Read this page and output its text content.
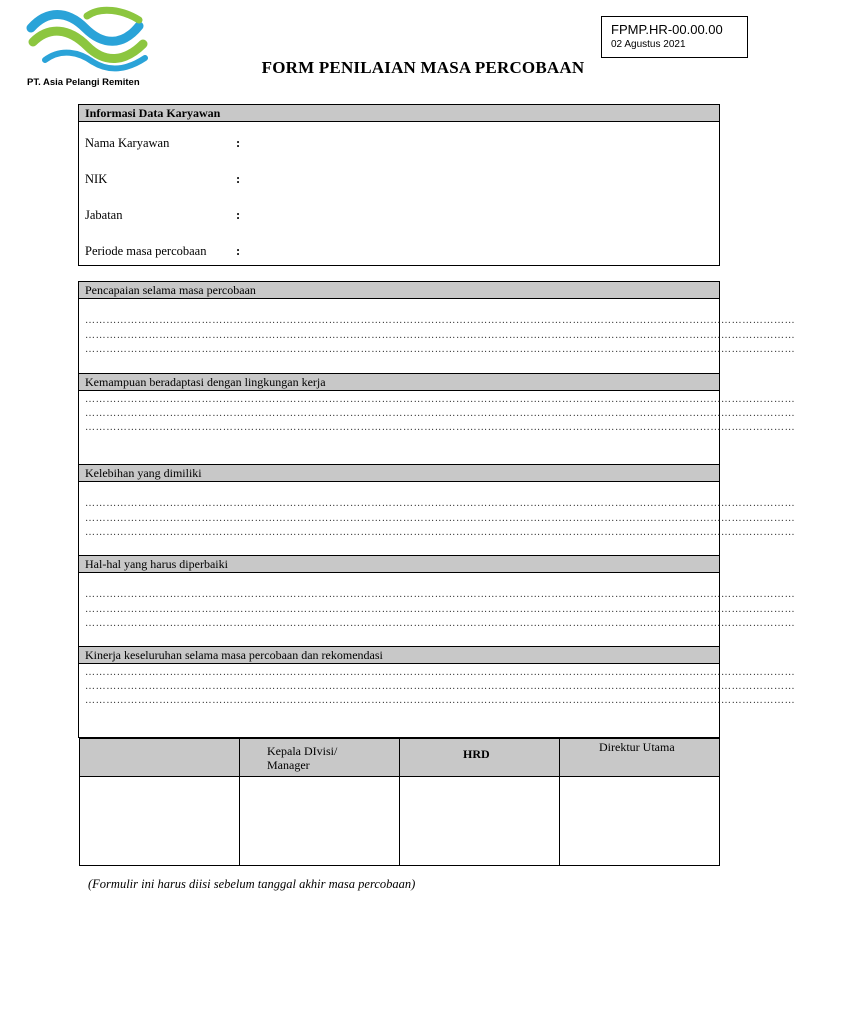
PT. Asia Pelangi Remiten
FPMP.HR-00.00.00
02 Agustus 2021
FORM PENILAIAN MASA PERCOBAAN
Informasi Data Karyawan
Nama Karyawan	:
NIK	:
Jabatan	:
Periode masa percobaan :
Pencapaian selama masa percobaan
…………………………………………………………………………………………………………………………………………………………………………………
…………………………………………………………………………………………………………………………………………………………………………………
…………………………………………………………………………………………………………………………………………………………………………………
Kemampuan beradaptasi dengan lingkungan kerja
…………………………………………………………………………………………………………………………………………………………………………………
…………………………………………………………………………………………………………………………………………………………………………………
…………………………………………………………………………………………………………………………………………………………………………………
Kelebihan yang dimiliki
…………………………………………………………………………………………………………………………………………………………………………………
…………………………………………………………………………………………………………………………………………………………………………………
…………………………………………………………………………………………………………………………………………………………………………………
Hal-hal yang harus diperbaiki
…………………………………………………………………………………………………………………………………………………………………………………
…………………………………………………………………………………………………………………………………………………………………………………
…………………………………………………………………………………………………………………………………………………………………………………
Kinerja keseluruhan selama masa percobaan dan rekomendasi
…………………………………………………………………………………………………………………………………………………………………………………
…………………………………………………………………………………………………………………………………………………………………………………
…………………………………………………………………………………………………………………………………………………………………………………

	Kepala DIvisi/ Manager	HRD	Direktur Utama

(Formulir ini harus diisi sebelum tanggal akhir masa percobaan)
